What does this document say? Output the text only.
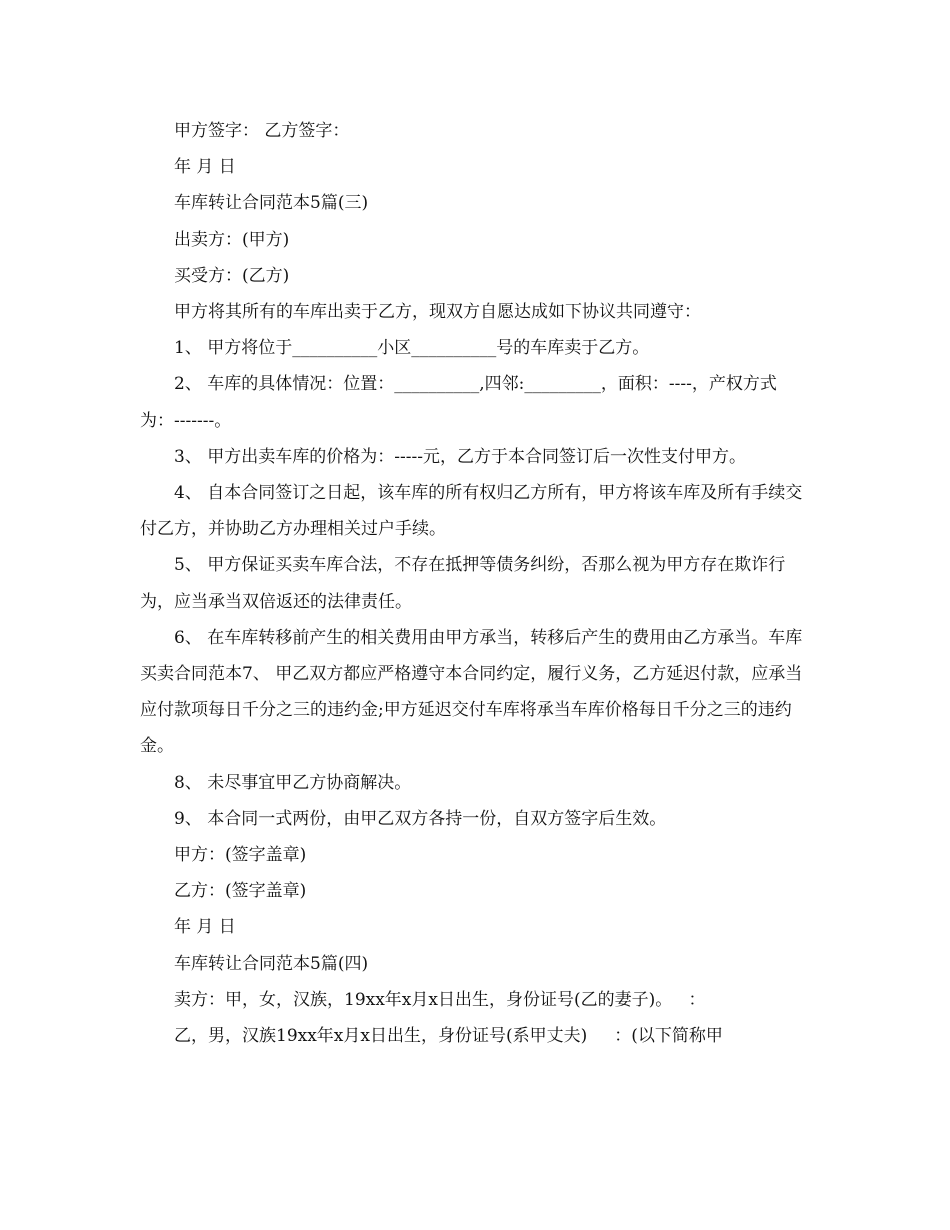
甲方签字： 乙方签字：

年 月 日

车库转让合同范本5篇(三)

出卖方：(甲方)

买受方：(乙方)

甲方将其所有的车库出卖于乙方，现双方自愿达成如下协议共同遵守：

1、 甲方将位于__________小区__________号的车库卖于乙方。

2、 车库的具体情况：位置：__________,四邻:_________，面积：----，产权方式为：-------。

3、 甲方出卖车库的价格为：-----元，乙方于本合同签订后一次性支付甲方。

4、 自本合同签订之日起，该车库的所有权归乙方所有，甲方将该车库及所有手续交付乙方，并协助乙方办理相关过户手续。

5、 甲方保证买卖车库合法，不存在抵押等债务纠纷，否那么视为甲方存在欺诈行为，应当承当双倍返还的法律责任。

6、 在车库转移前产生的相关费用由甲方承当，转移后产生的费用由乙方承当。车库买卖合同范本7、 甲乙双方都应严格遵守本合同约定，履行义务，乙方延迟付款，应承当应付款项每日千分之三的违约金;甲方延迟交付车库将承当车库价格每日千分之三的违约金。

8、 未尽事宜甲乙方协商解决。

9、 本合同一式两份，由甲乙双方各持一份，自双方签字后生效。

甲方：(签字盖章)

乙方：(签字盖章)

年 月 日

车库转让合同范本5篇(四)

卖方：甲，女，汉族，19xx年x月x日出生，身份证号(乙的妻子)。   ：

乙，男，汉族19xx年x月x日出生，身份证号(系甲丈夫)     ：(以下简称甲
